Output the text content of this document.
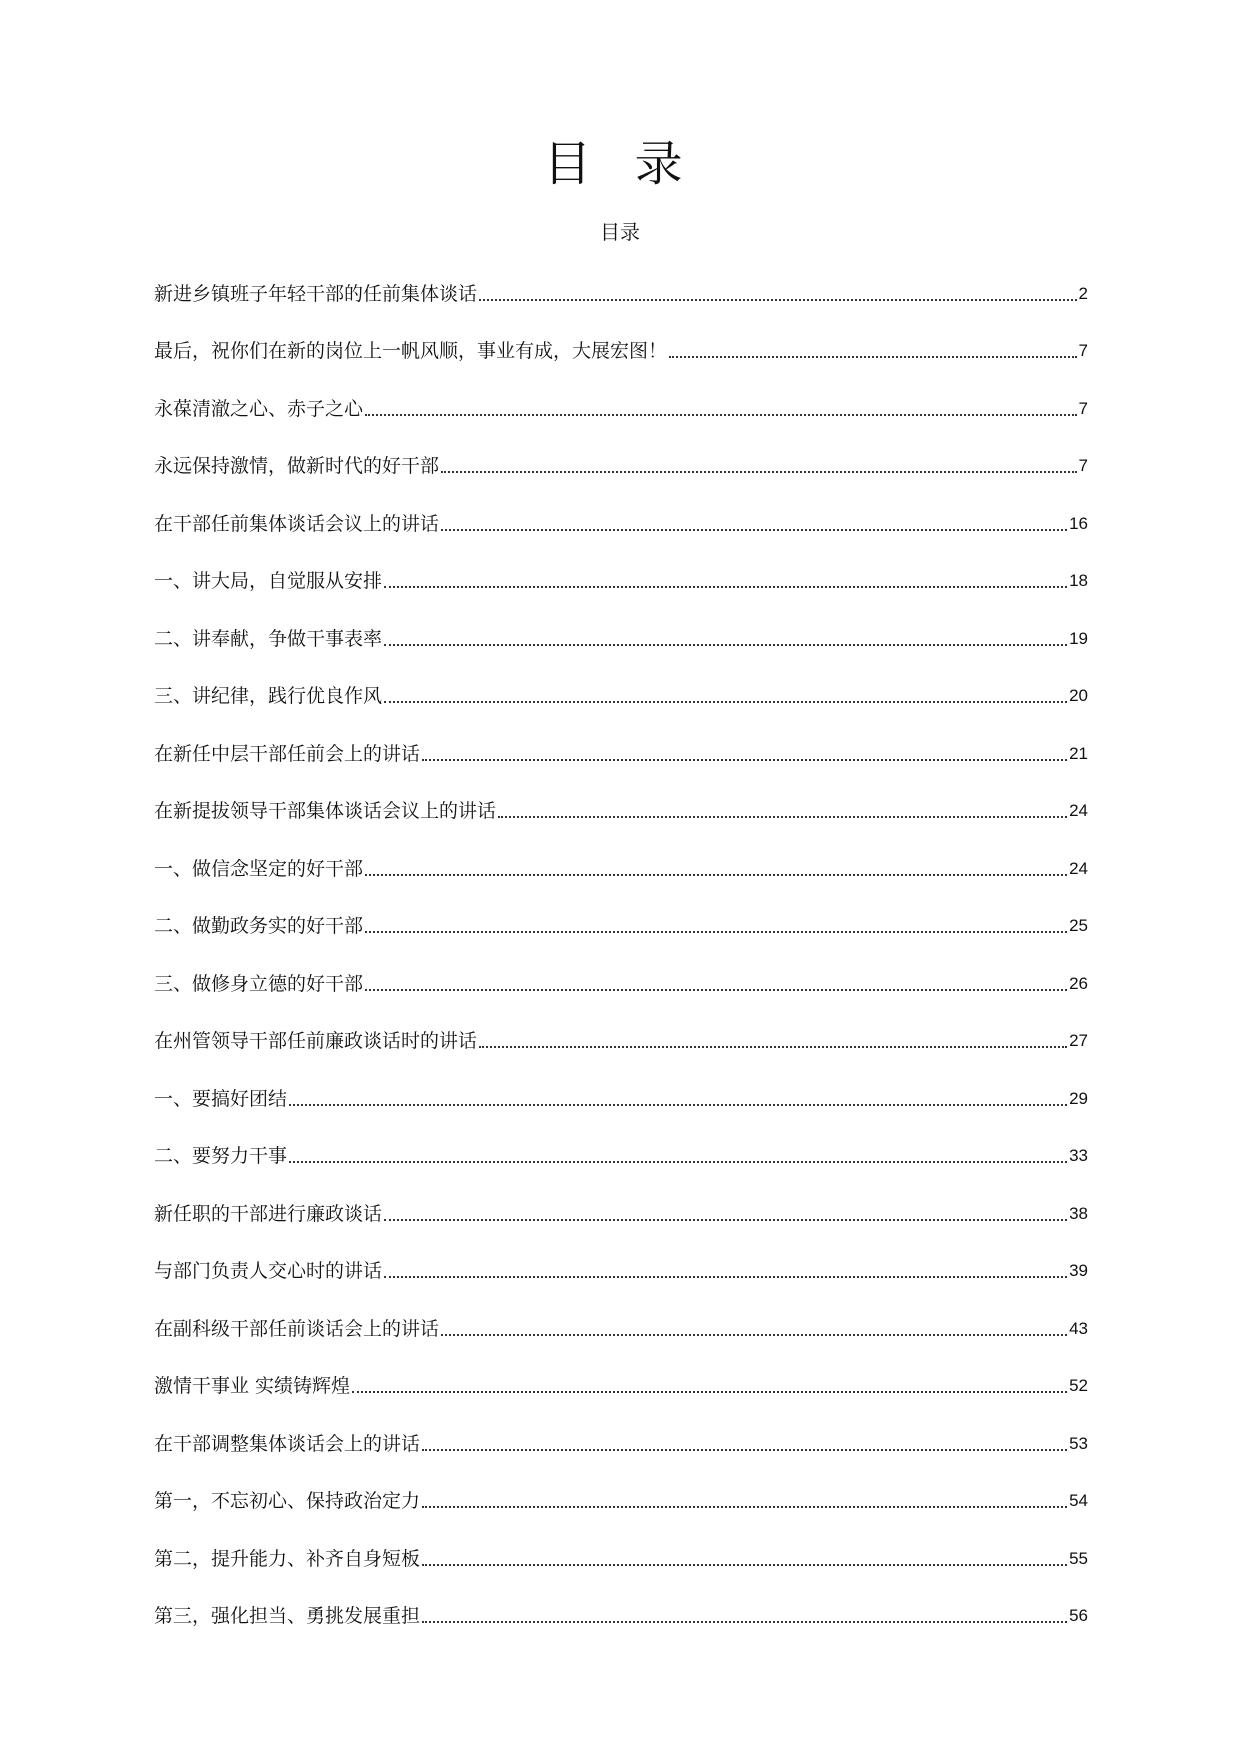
目 录
目录
新进乡镇班子年轻干部的任前集体谈话	2
最后，祝你们在新的岗位上一帆风顺，事业有成，大展宏图！	7
永葆清澈之心、赤子之心	7
永远保持激情，做新时代的好干部	7
在干部任前集体谈话会议上的讲话	16
一、讲大局，自觉服从安排	18
二、讲奉献，争做干事表率	19
三、讲纪律，践行优良作风	20
在新任中层干部任前会上的讲话	21
在新提拔领导干部集体谈话会议上的讲话	24
一、做信念坚定的好干部	24
二、做勤政务实的好干部	25
三、做修身立德的好干部	26
在州管领导干部任前廉政谈话时的讲话	27
一、要搞好团结	29
二、要努力干事	33
新任职的干部进行廉政谈话	38
与部门负责人交心时的讲话	39
在副科级干部任前谈话会上的讲话	43
激情干事业 实绩铸辉煌	52
在干部调整集体谈话会上的讲话	53
第一，不忘初心、保持政治定力	54
第二，提升能力、补齐自身短板	55
第三，强化担当、勇挑发展重担	56
